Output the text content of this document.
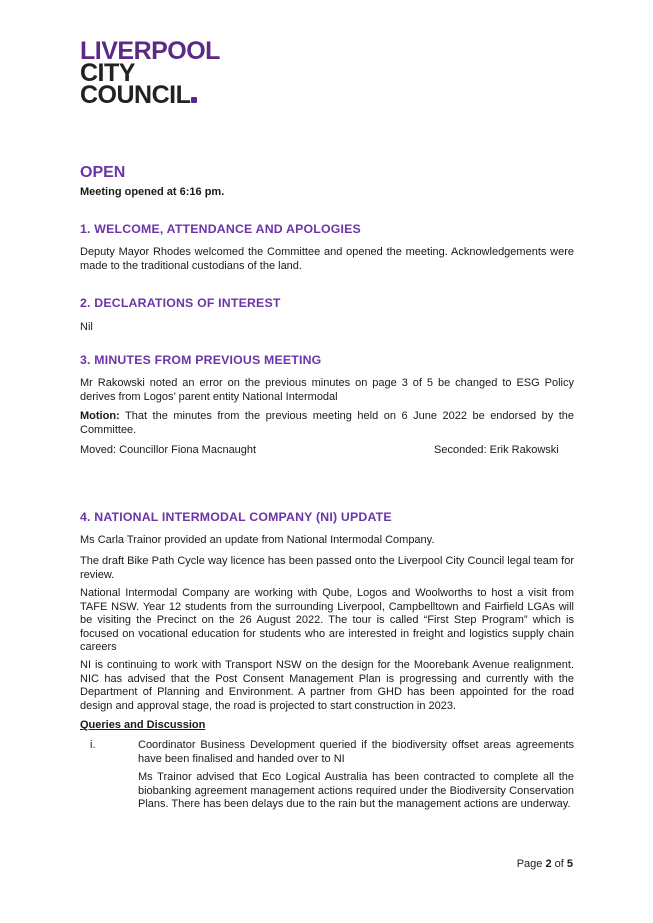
LIVERPOOL
CITY
COUNCIL
OPEN
Meeting opened at 6:16 pm.
1. WELCOME, ATTENDANCE AND APOLOGIES
Deputy Mayor Rhodes welcomed the Committee and opened the meeting. Acknowledgements were made to the traditional custodians of the land.
2. DECLARATIONS OF INTEREST
Nil
3. MINUTES FROM PREVIOUS MEETING
Mr Rakowski noted an error on the previous minutes on page 3 of 5 be changed to ESG Policy derives from Logos’ parent entity National Intermodal
Motion: That the minutes from the previous meeting held on 6 June 2022 be endorsed by the Committee.
Moved: Councillor Fiona Macnaught	Seconded: Erik Rakowski
4. NATIONAL INTERMODAL COMPANY (NI) UPDATE
Ms Carla Trainor provided an update from National Intermodal Company.
The draft Bike Path Cycle way licence has been passed onto the Liverpool City Council legal team for review.
National Intermodal Company are working with Qube, Logos and Woolworths to host a visit from TAFE NSW. Year 12 students from the surrounding Liverpool, Campbelltown and Fairfield LGAs will be visiting the Precinct on the 26 August 2022. The tour is called “First Step Program” which is focused on vocational education for students who are interested in freight and logistics supply chain careers
NI is continuing to work with Transport NSW on the design for the Moorebank Avenue realignment. NIC has advised that the Post Consent Management Plan is progressing and currently with the Department of Planning and Environment. A partner from GHD has been appointed for the road design and approval stage, the road is projected to start construction in 2023.
Queries and Discussion
i.	Coordinator Business Development queried if the biodiversity offset areas agreements have been finalised and handed over to NI
Ms Trainor advised that Eco Logical Australia has been contracted to complete all the biobanking agreement management actions required under the Biodiversity Conservation Plans. There has been delays due to the rain but the management actions are underway.
Page 2 of 5
